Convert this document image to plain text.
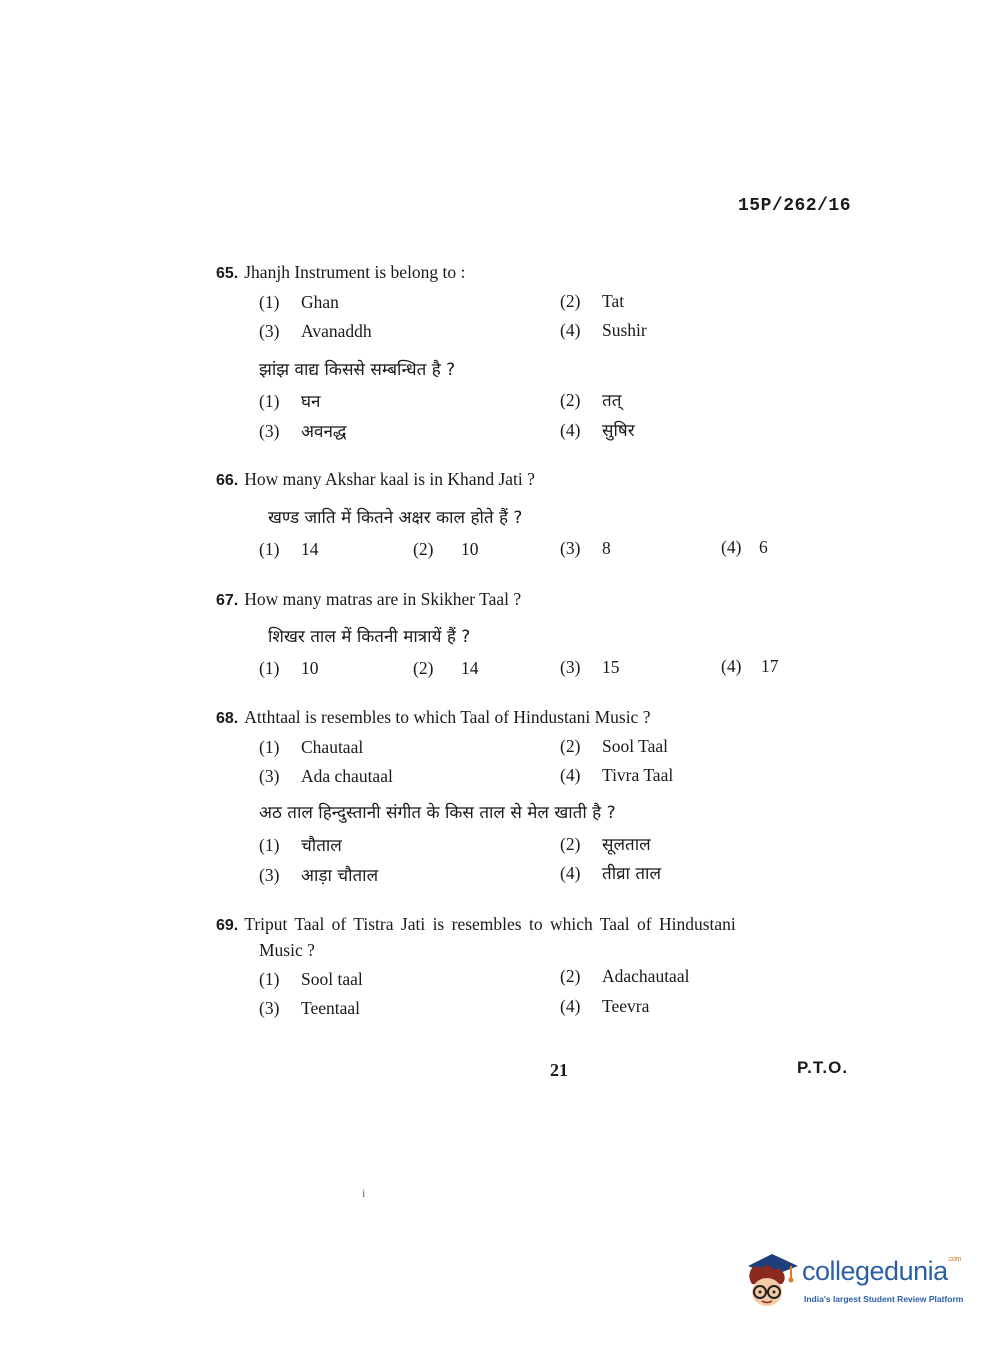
15P/262/16
65. Jhanjh Instrument is belong to :
(1) Ghan	(2) Tat
(3) Avanaddh	(4) Sushir
झांझ वाद्य किससे सम्बन्धित है ?
(1) घन	(2) तत्
(3) अवनद्ध	(4) सुषिर
66. How many Akshar kaal is in Khand Jati ?
खण्ड जाति में कितने अक्षर काल होते हैं ?
(1) 14	(2) 10	(3) 8	(4) 6
67. How many matras are in Skikher Taal ?
शिखर ताल में कितनी मात्रायें हैं ?
(1) 10	(2) 14	(3) 15	(4) 17
68. Atthtaal is resembles to which Taal of Hindustani Music ?
(1) Chautaal	(2) Sool Taal
(3) Ada chautaal	(4) Tivra Taal
अठ ताल हिन्दुस्तानी संगीत के किस ताल से मेल खाती है ?
(1) चौताल	(2) सूलताल
(3) आड़ा चौताल	(4) तीव्रा ताल
69. Triput Taal of Tistra Jati is resembles to which Taal of Hindustani
Music ?
(1) Sool taal	(2) Adachautaal
(3) Teentaal	(4) Teevra
21	P.T.O.
i
collegedunia$^{.com}$
India's largest Student Review Platform
